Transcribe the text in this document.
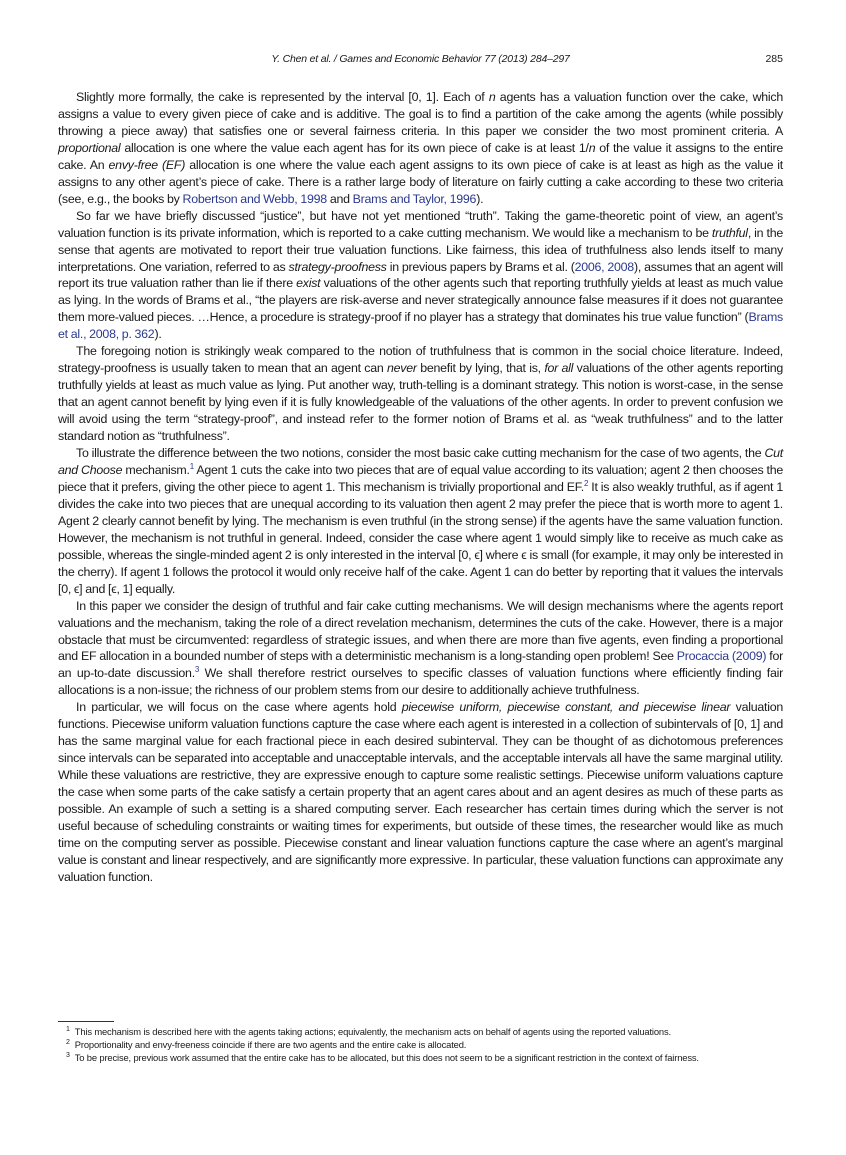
Y. Chen et al. / Games and Economic Behavior 77 (2013) 284–297	285

Slightly more formally, the cake is represented by the interval [0, 1]. Each of n agents has a valuation function over the cake, which assigns a value to every given piece of cake and is additive. The goal is to find a partition of the cake among the agents (while possibly throwing a piece away) that satisfies one or several fairness criteria. In this paper we consider the two most prominent criteria. A proportional allocation is one where the value each agent has for its own piece of cake is at least 1/n of the value it assigns to the entire cake. An envy-free (EF) allocation is one where the value each agent assigns to its own piece of cake is at least as high as the value it assigns to any other agent’s piece of cake. There is a rather large body of literature on fairly cutting a cake according to these two criteria (see, e.g., the books by Robertson and Webb, 1998 and Brams and Taylor, 1996).

So far we have briefly discussed “justice”, but have not yet mentioned “truth”. Taking the game-theoretic point of view, an agent’s valuation function is its private information, which is reported to a cake cutting mechanism. We would like a mechanism to be truthful, in the sense that agents are motivated to report their true valuation functions. Like fairness, this idea of truthfulness also lends itself to many interpretations. One variation, referred to as strategy-proofness in previous papers by Brams et al. (2006, 2008), assumes that an agent will report its true valuation rather than lie if there exist valuations of the other agents such that reporting truthfully yields at least as much value as lying. In the words of Brams et al., “the players are risk-averse and never strategically announce false measures if it does not guarantee them more-valued pieces. …Hence, a procedure is strategy-proof if no player has a strategy that dominates his true value function” (Brams et al., 2008, p. 362).

The foregoing notion is strikingly weak compared to the notion of truthfulness that is common in the social choice literature. Indeed, strategy-proofness is usually taken to mean that an agent can never benefit by lying, that is, for all valuations of the other agents reporting truthfully yields at least as much value as lying. Put another way, truth-telling is a dominant strategy. This notion is worst-case, in the sense that an agent cannot benefit by lying even if it is fully knowledgeable of the valuations of the other agents. In order to prevent confusion we will avoid using the term “strategy-proof”, and instead refer to the former notion of Brams et al. as “weak truthfulness” and to the latter standard notion as “truthfulness”.

To illustrate the difference between the two notions, consider the most basic cake cutting mechanism for the case of two agents, the Cut and Choose mechanism.$^1$ Agent 1 cuts the cake into two pieces that are of equal value according to its valuation; agent 2 then chooses the piece that it prefers, giving the other piece to agent 1. This mechanism is trivially proportional and EF.$^2$ It is also weakly truthful, as if agent 1 divides the cake into two pieces that are unequal according to its valuation then agent 2 may prefer the piece that is worth more to agent 1. Agent 2 clearly cannot benefit by lying. The mechanism is even truthful (in the strong sense) if the agents have the same valuation function. However, the mechanism is not truthful in general. Indeed, consider the case where agent 1 would simply like to receive as much cake as possible, whereas the single-minded agent 2 is only interested in the interval [0, ϵ] where ϵ is small (for example, it may only be interested in the cherry). If agent 1 follows the protocol it would only receive half of the cake. Agent 1 can do better by reporting that it values the intervals [0, ϵ] and [ϵ, 1] equally.

In this paper we consider the design of truthful and fair cake cutting mechanisms. We will design mechanisms where the agents report valuations and the mechanism, taking the role of a direct revelation mechanism, determines the cuts of the cake. However, there is a major obstacle that must be circumvented: regardless of strategic issues, and when there are more than five agents, even finding a proportional and EF allocation in a bounded number of steps with a deterministic mechanism is a long-standing open problem! See Procaccia (2009) for an up-to-date discussion.$^3$ We shall therefore restrict ourselves to specific classes of valuation functions where efficiently finding fair allocations is a non-issue; the richness of our problem stems from our desire to additionally achieve truthfulness.

In particular, we will focus on the case where agents hold piecewise uniform, piecewise constant, and piecewise linear valuation functions. Piecewise uniform valuation functions capture the case where each agent is interested in a collection of subintervals of [0, 1] and has the same marginal value for each fractional piece in each desired subinterval. They can be thought of as dichotomous preferences since intervals can be separated into acceptable and unacceptable intervals, and the acceptable intervals all have the same marginal utility. While these valuations are restrictive, they are expressive enough to capture some realistic settings. Piecewise uniform valuations capture the case when some parts of the cake satisfy a certain property that an agent cares about and an agent desires as much of these parts as possible. An example of such a setting is a shared computing server. Each researcher has certain times during which the server is not useful because of scheduling constraints or waiting times for experiments, but outside of these times, the researcher would like as much time on the computing server as possible. Piecewise constant and linear valuation functions capture the case where an agent’s marginal value is constant and linear respectively, and are significantly more expressive. In particular, these valuation functions can approximate any valuation function.

$^1$ This mechanism is described here with the agents taking actions; equivalently, the mechanism acts on behalf of agents using the reported valuations.

$^2$ Proportionality and envy-freeness coincide if there are two agents and the entire cake is allocated.

$^3$ To be precise, previous work assumed that the entire cake has to be allocated, but this does not seem to be a significant restriction in the context of fairness.
